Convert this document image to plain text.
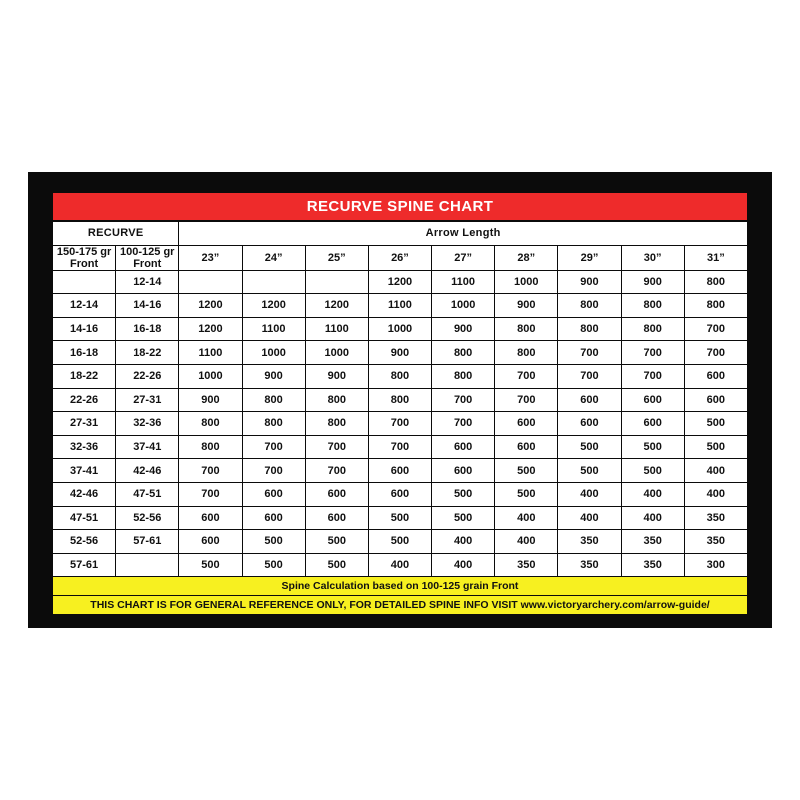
RECURVE SPINE CHART
RECURVE		Arrow Length								
150-175 gr Front	100-125 gr Front	23”	24”	25”	26”	27”	28”	29”	30”	31”
	12-14				1200	1100	1000	900	900	800
12-14	14-16	1200	1200	1200	1100	1000	900	800	800	800
14-16	16-18	1200	1100	1100	1000	900	800	800	800	700
16-18	18-22	1100	1000	1000	900	800	800	700	700	700
18-22	22-26	1000	900	900	800	800	700	700	700	600
22-26	27-31	900	800	800	800	700	700	600	600	600
27-31	32-36	800	800	800	700	700	600	600	600	500
32-36	37-41	800	700	700	700	600	600	500	500	500
37-41	42-46	700	700	700	600	600	500	500	500	400
42-46	47-51	700	600	600	600	500	500	400	400	400
47-51	52-56	600	600	600	500	500	400	400	400	350
52-56	57-61	600	500	500	500	400	400	350	350	350
57-61		500	500	500	400	400	350	350	350	300
Spine Calculation based on 100-125 grain Front
THIS CHART IS FOR GENERAL REFERENCE ONLY, FOR DETAILED SPINE INFO VISIT www.victoryarchery.com/arrow-guide/
